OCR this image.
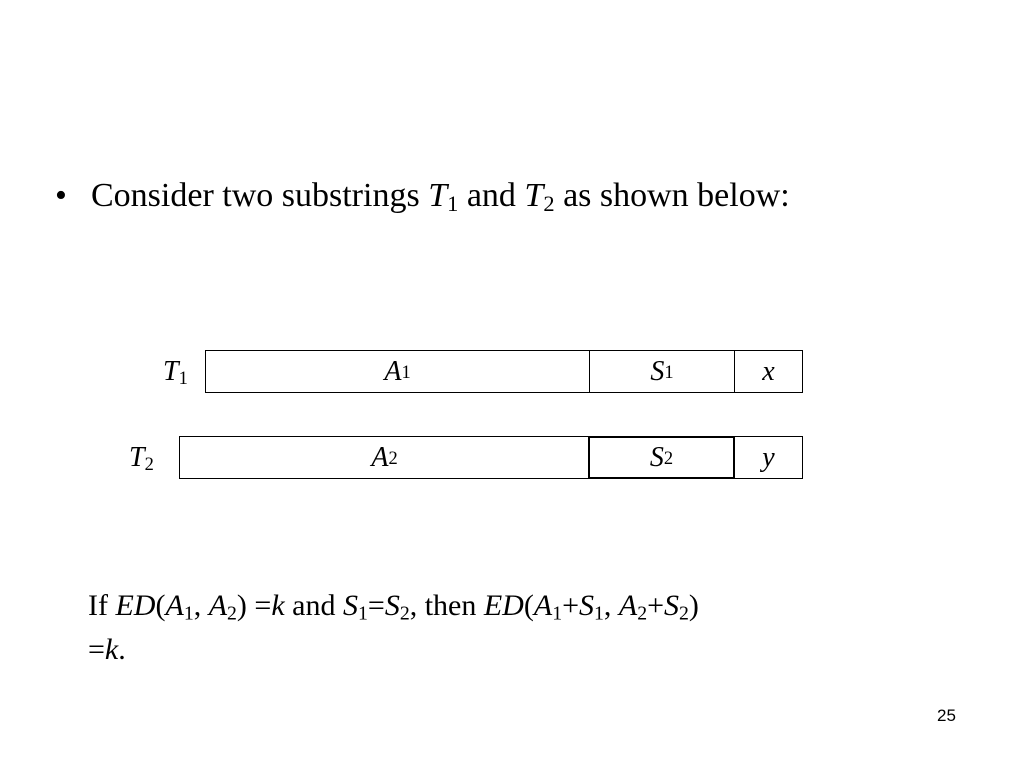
• Consider two substrings $T_1$ and $T_2$ as shown below:
$T_1$	A 1	S 1	x
$T_2$	A 2	S 2	y
If $ED(A_1$, $A_2) =k$ and $S_1=S_2$, then $ED(A_1+S_1$, $A_2+S_2$)
=k.
25
